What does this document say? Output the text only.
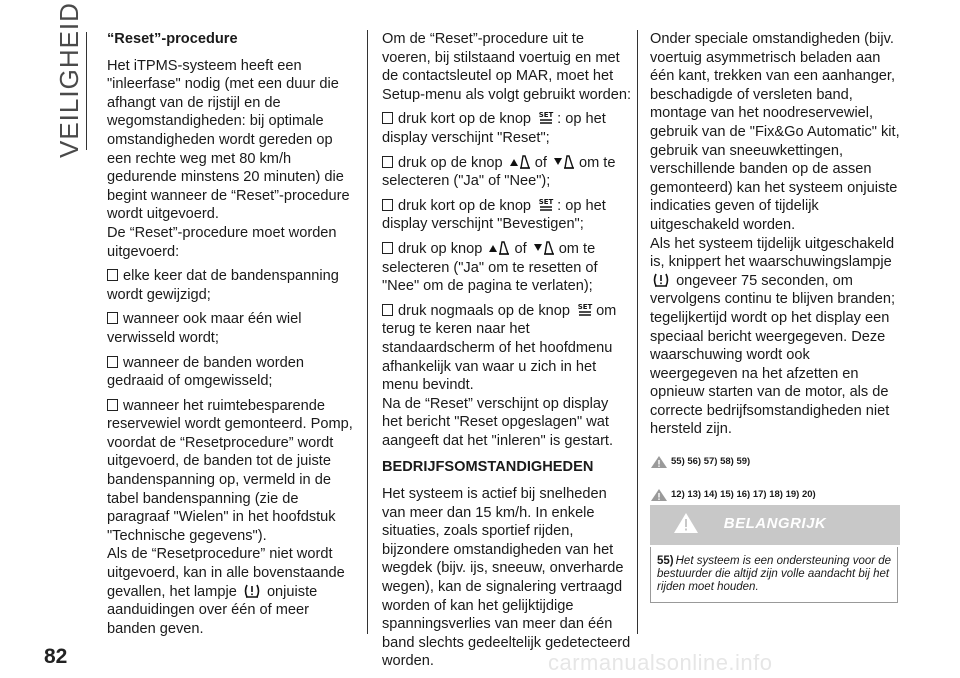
VEILIGHEID “Reset”-procedure

Het iTPMS-systeem heeft een "inleerfase" nodig (met een duur die afhangt van de rijstijl en de wegomstandigheden: bij optimale omstandigheden wordt gereden op een rechte weg met 80 km/h gedurende minstens 20 minuten) die begint wanneer de “Reset”-procedure wordt uitgevoerd.

De “Reset”-procedure moet worden uitgevoerd:

elke keer dat de bandenspanning wordt gewijzigd;

wanneer ook maar één wiel verwisseld wordt;

wanneer de banden worden gedraaid of omgewisseld;

wanneer het ruimtebesparende reservewiel wordt gemonteerd. Pomp, voordat de “Resetprocedure” wordt uitgevoerd, de banden tot de juiste bandenspanning op, vermeld in de tabel bandenspanning (zie de paragraaf "Wielen" in het hoofdstuk "Technische gegevens").

Als de “Resetprocedure” niet wordt uitgevoerd, kan in alle bovenstaande gevallen, het lampje onjuiste aanduidingen over één of meer banden geven.

Om de “Reset”-procedure uit te voeren, bij stilstaand voertuig en met de contactsleutel op MAR, moet het Setup-menu als volgt gebruikt worden:

druk kort op de knop SET : op het display verschijnt "Reset";

druk op de knop of om te selecteren ("Ja" of "Nee");

druk kort op de knop SET : op het display verschijnt "Bevestigen";

druk op knop of om te selecteren ("Ja" om te resetten of "Nee" om de pagina te verlaten);

druk nogmaals op de knop SET om terug te keren naar het standaardscherm of het hoofdmenu afhankelijk van waar u zich in het menu bevindt.

Na de “Reset” verschijnt op display het bericht "Reset opgeslagen" wat aangeeft dat het "inleren" is gestart.

BEDRIJFSOMSTANDIGHEDEN

Het systeem is actief bij snelheden van meer dan 15 km/h. In enkele situaties, zoals sportief rijden, bijzondere omstandigheden van het wegdek (bijv. ijs, sneeuw, onverharde wegen), kan de signalering vertraagd worden of kan het gelijktijdige spanningsverlies van meer dan één band slechts gedeeltelijk gedetecteerd worden.

Onder speciale omstandigheden (bijv. voertuig asymmetrisch beladen aan één kant, trekken van een aanhanger, beschadigde of versleten band, montage van het noodreservewiel, gebruik van de "Fix&Go Automatic" kit, gebruik van sneeuwkettingen, verschillende banden op de assen gemonteerd) kan het systeem onjuiste indicaties geven of tijdelijk uitgeschakeld worden.

Als het systeem tijdelijk uitgeschakeld is, knippert het waarschuwingslampje
ongeveer 75 seconden, om vervolgens continu te blijven branden; tegelijkertijd wordt op het display een speciaal bericht weergegeven. Deze waarschuwing wordt ook weergegeven na het afzetten en opnieuw starten van de motor, als de correcte bedrijfsomstandigheden niet hersteld zijn.

55) 56) 57) 58) 59)
12) 13) 14) 15) 16) 17) 18) 19) 20)
BELANGRIJK
55) Het systeem is een ondersteuning voor de bestuurder die altijd zijn volle aandacht bij het rijden moet houden.
82	carmanualsonline.info
